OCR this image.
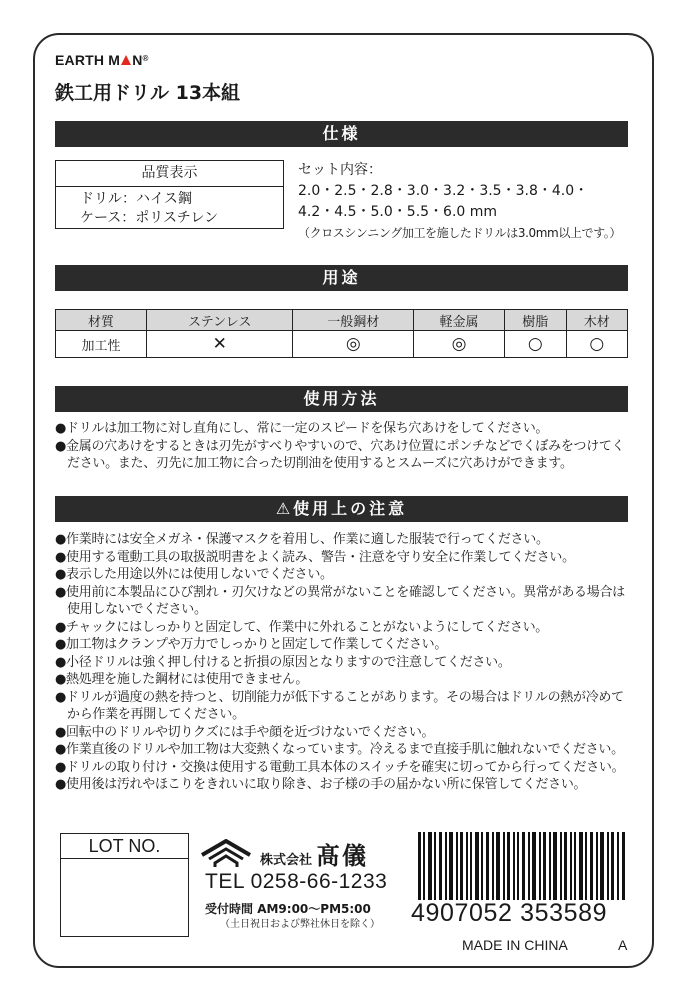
EARTH M N®
鉄工用ドリル 13本組
仕様
品質表示
ドリル：ハイス鋼
ケース：ポリスチレン
セット内容：
2.0・2.5・2.8・3.0・3.2・3.5・3.8・4.0・
4.2・4.5・5.0・5.5・6.0 mm
（クロスシンニング加工を施したドリルは3.0mm以上です。）
用途
材質	ステンレス	一般鋼材	軽金属	樹脂	木材
加工性	✕	◎	◎	○	○
使用方法
●ドリルは加工物に対し直角にし、常に一定のスピードを保ち穴あけをしてください。
●金属の穴あけをするときは刃先がすべりやすいので、穴あけ位置にポンチなどでくぼみをつけてください。また、刃先に加工物に合った切削油を使用するとスムーズに穴あけができます。
⚠使用上の注意
●作業時には安全メガネ・保護マスクを着用し、作業に適した服装で行ってください。
●使用する電動工具の取扱説明書をよく読み、警告・注意を守り安全に作業してください。
●表示した用途以外には使用しないでください。
●使用前に本製品にひび割れ・刃欠けなどの異常がないことを確認してください。異常がある場合は使用しないでください。
●チャックにはしっかりと固定して、作業中に外れることがないようにしてください。
●加工物はクランプや万力でしっかりと固定して作業してください。
●小径ドリルは強く押し付けると折損の原因となりますので注意してください。
●熱処理を施した鋼材には使用できません。
●ドリルが過度の熱を持つと、切削能力が低下することがあります。その場合はドリルの熱が冷めてから作業を再開してください。
●回転中のドリルや切りクズには手や顔を近づけないでください。
●作業直後のドリルや加工物は大変熱くなっています。冷えるまで直接手肌に触れないでください。
●ドリルの取り付け・交換は使用する電動工具本体のスイッチを確実に切ってから行ってください。
●使用後は汚れやほこりをきれいに取り除き、お子様の手の届かない所に保管してください。
LOT NO.
株式会社 髙儀
TEL 0258-66-1233
受付時間 AM9:00～PM5:00
（土日祝日および弊社休日を除く） 4907052 353589
MADE IN CHINA	A
